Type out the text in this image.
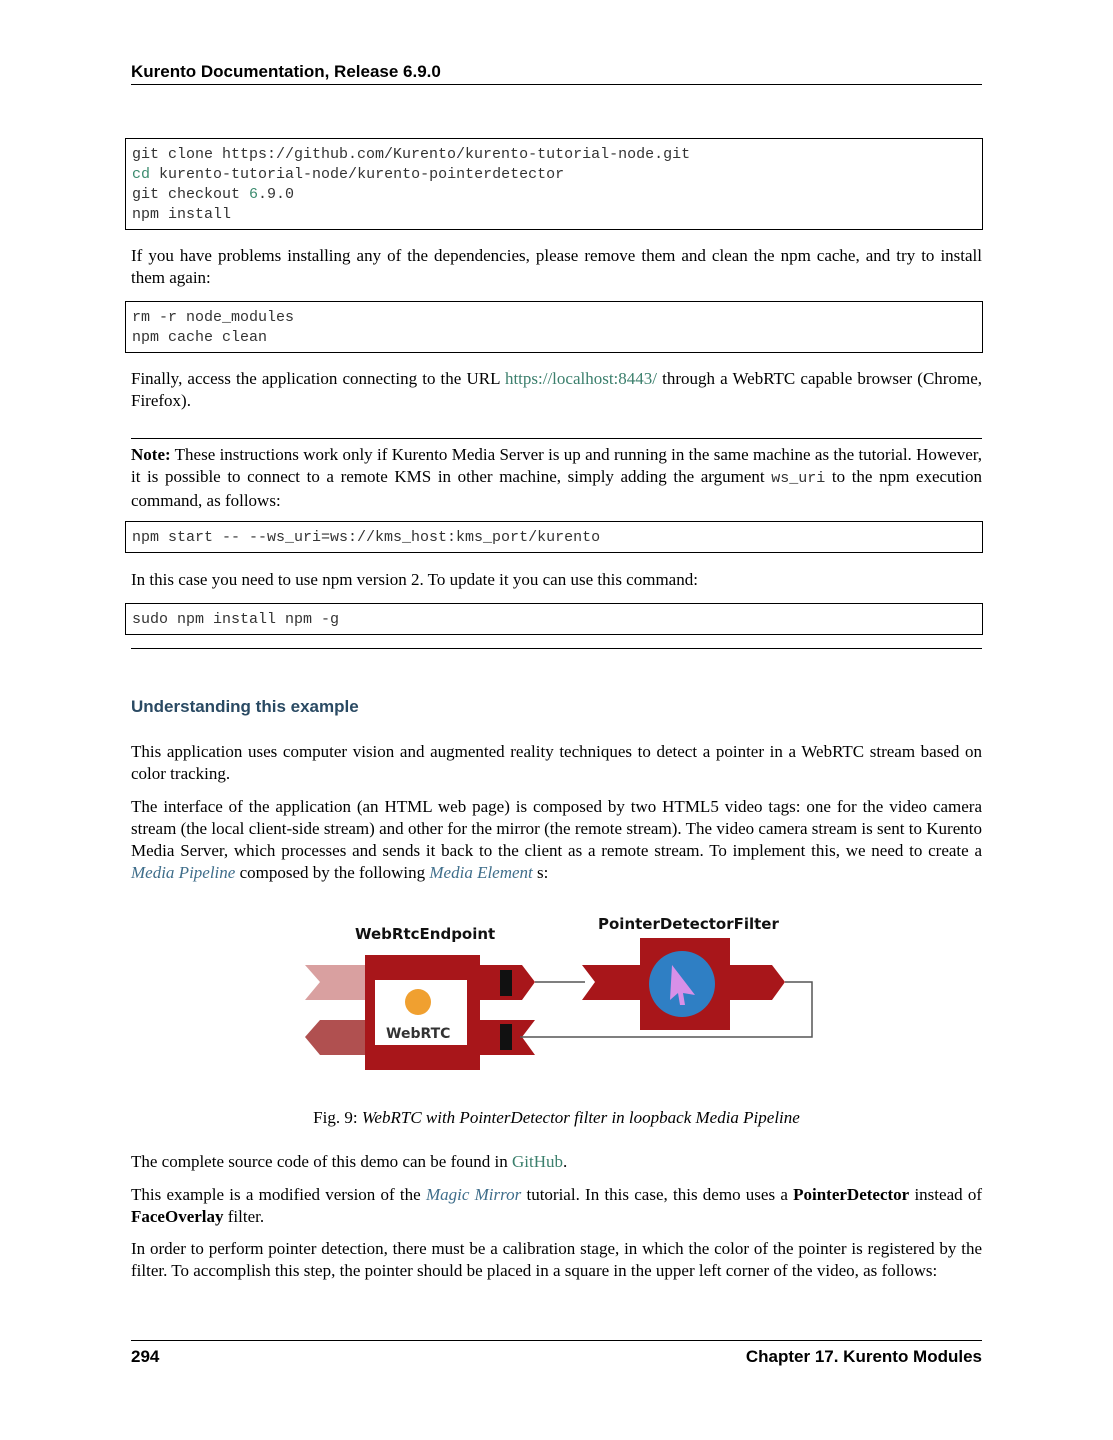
Kurento Documentation, Release 6.9.0
git clone https://github.com/Kurento/kurento-tutorial-node.git
cd kurento-tutorial-node/kurento-pointerdetector
git checkout 6.9.0
npm install
If you have problems installing any of the dependencies, please remove them and clean the npm cache, and try to install them again:
rm -r node_modules
npm cache clean
Finally, access the application connecting to the URL https://localhost:8443/ through a WebRTC capable browser (Chrome, Firefox).
Note: These instructions work only if Kurento Media Server is up and running in the same machine as the tutorial. However, it is possible to connect to a remote KMS in other machine, simply adding the argument ws_uri to the npm execution command, as follows:
npm start -- --ws_uri=ws://kms_host:kms_port/kurento
In this case you need to use npm version 2. To update it you can use this command:
sudo npm install npm -g
Understanding this example
This application uses computer vision and augmented reality techniques to detect a pointer in a WebRTC stream based on color tracking.
The interface of the application (an HTML web page) is composed by two HTML5 video tags: one for the video camera stream (the local client-side stream) and other for the mirror (the remote stream). The video camera stream is sent to Kurento Media Server, which processes and sends it back to the client as a remote stream. To implement this, we need to create a Media Pipeline composed by the following Media Element s:
WebRtcEndpoint
PointerDetectorFilter
WebRTC
Fig. 9: WebRTC with PointerDetector filter in loopback Media Pipeline
The complete source code of this demo can be found in GitHub.
This example is a modified version of the Magic Mirror tutorial. In this case, this demo uses a PointerDetector instead of FaceOverlay filter.
In order to perform pointer detection, there must be a calibration stage, in which the color of the pointer is registered by the filter. To accomplish this step, the pointer should be placed in a square in the upper left corner of the video, as follows:
294	Chapter 17. Kurento Modules
